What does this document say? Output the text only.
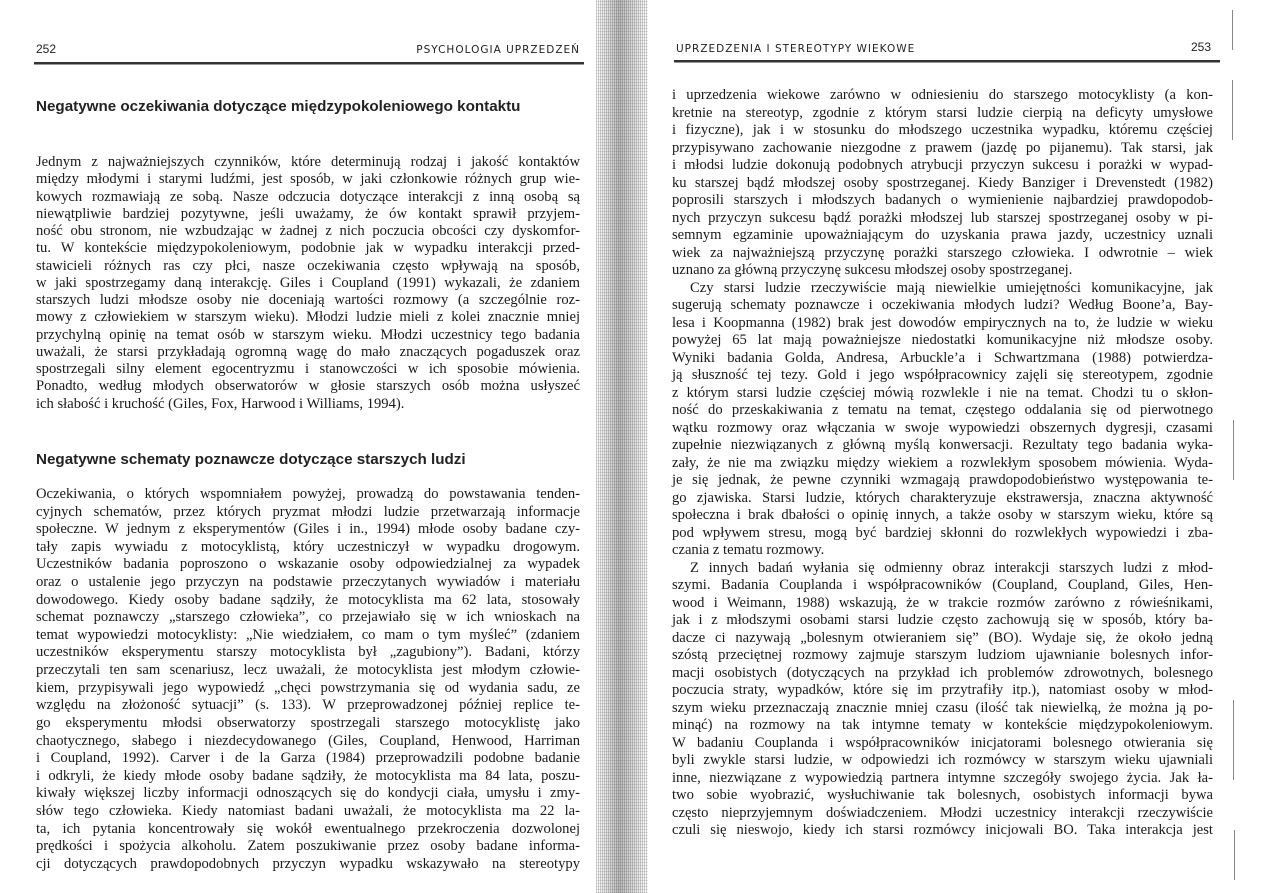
252	PSYCHOLOGIA UPRZEDZEŃ
Negatywne oczekiwania dotyczące międzypokoleniowego kontaktu
Jednym z najważniejszych czynników, które determinują rodzaj i jakość kontaktów
między młodymi i starymi ludźmi, jest sposób, w jaki członkowie różnych grup wie-
kowych rozmawiają ze sobą. Nasze odczucia dotyczące interakcji z inną osobą są
niewątpliwie bardziej pozytywne, jeśli uważamy, że ów kontakt sprawił przyjem-
ność obu stronom, nie wzbudzając w żadnej z nich poczucia obcości czy dyskomfor-
tu. W kontekście międzypokoleniowym, podobnie jak w wypadku interakcji przed-
stawicieli różnych ras czy płci, nasze oczekiwania często wpływają na sposób,
w jaki spostrzegamy daną interakcję. Giles i Coupland (1991) wykazali, że zdaniem
starszych ludzi młodsze osoby nie doceniają wartości rozmowy (a szczególnie roz-
mowy z człowiekiem w starszym wieku). Młodzi ludzie mieli z kolei znacznie mniej
przychylną opinię na temat osób w starszym wieku. Młodzi uczestnicy tego badania
uważali, że starsi przykładają ogromną wagę do mało znaczących pogaduszek oraz
spostrzegali silny element egocentryzmu i stanowczości w ich sposobie mówienia.
Ponadto, według młodych obserwatorów w głosie starszych osób można usłyszeć
ich słabość i kruchość (Giles, Fox, Harwood i Williams, 1994).
Negatywne schematy poznawcze dotyczące starszych ludzi
Oczekiwania, o których wspomniałem powyżej, prowadzą do powstawania tenden-
cyjnych schematów, przez których pryzmat młodzi ludzie przetwarzają informacje
społeczne. W jednym z eksperymentów (Giles i in., 1994) młode osoby badane czy-
tały zapis wywiadu z motocyklistą, który uczestniczył w wypadku drogowym.
Uczestników badania poproszono o wskazanie osoby odpowiedzialnej za wypadek
oraz o ustalenie jego przyczyn na podstawie przeczytanych wywiadów i materiału
dowodowego. Kiedy osoby badane sądziły, że motocyklista ma 62 lata, stosowały
schemat poznawczy „starszego człowieka”, co przejawiało się w ich wnioskach na
temat wypowiedzi motocyklisty: „Nie wiedziałem, co mam o tym myśleć” (zdaniem
uczestników eksperymentu starszy motocyklista był „zagubiony”). Badani, którzy
przeczytali ten sam scenariusz, lecz uważali, że motocyklista jest młodym człowie-
kiem, przypisywali jego wypowiedź „chęci powstrzymania się od wydania sadu, ze
względu na złożoność sytuacji” (s. 133). W przeprowadzonej później replice te-
go eksperymentu młodsi obserwatorzy spostrzegali starszego motocyklistę jako
chaotycznego, słabego i niezdecydowanego (Giles, Coupland, Henwood, Harriman
i Coupland, 1992). Carver i de la Garza (1984) przeprowadzili podobne badanie
i odkryli, że kiedy młode osoby badane sądziły, że motocyklista ma 84 lata, poszu-
kiwały większej liczby informacji odnoszących się do kondycji ciała, umysłu i zmy-
słów tego człowieka. Kiedy natomiast badani uważali, że motocyklista ma 22 la-
ta, ich pytania koncentrowały się wokół ewentualnego przekroczenia dozwolonej
prędkości i spożycia alkoholu. Zatem poszukiwanie przez osoby badane informa-
cji dotyczących prawdopodobnych przyczyn wypadku wskazywało na stereotypy
UPRZEDZENIA I STEREOTYPY WIEKOWE	253
i uprzedzenia wiekowe zarówno w odniesieniu do starszego motocyklisty (a kon-
kretnie na stereotyp, zgodnie z którym starsi ludzie cierpią na deficyty umysłowe
i fizyczne), jak i w stosunku do młodszego uczestnika wypadku, któremu częściej
przypisywano zachowanie niezgodne z prawem (jazdę po pijanemu). Tak starsi, jak
i młodsi ludzie dokonują podobnych atrybucji przyczyn sukcesu i porażki w wypad-
ku starszej bądź młodszej osoby spostrzeganej. Kiedy Banziger i Drevenstedt (1982)
poprosili starszych i młodszych badanych o wymienienie najbardziej prawdopodob-
nych przyczyn sukcesu bądź porażki młodszej lub starszej spostrzeganej osoby w pi-
semnym egzaminie upoważniającym do uzyskania prawa jazdy, uczestnicy uznali
wiek za najważniejszą przyczynę porażki starszego człowieka. I odwrotnie – wiek
uznano za główną przyczynę sukcesu młodszej osoby spostrzeganej.
Czy starsi ludzie rzeczywiście mają niewielkie umiejętności komunikacyjne, jak
sugerują schematy poznawcze i oczekiwania młodych ludzi? Według Boone’a, Bay-
lesa i Koopmanna (1982) brak jest dowodów empirycznych na to, że ludzie w wieku
powyżej 65 lat mają poważniejsze niedostatki komunikacyjne niż młodsze osoby.
Wyniki badania Golda, Andresa, Arbuckle’a i Schwartzmana (1988) potwierdza-
ją słuszność tej tezy. Gold i jego współpracownicy zajęli się stereotypem, zgodnie
z którym starsi ludzie częściej mówią rozwlekle i nie na temat. Chodzi tu o skłon-
ność do przeskakiwania z tematu na temat, częstego oddalania się od pierwotnego
wątku rozmowy oraz włączania w swoje wypowiedzi obszernych dygresji, czasami
zupełnie niezwiązanych z główną myślą konwersacji. Rezultaty tego badania wyka-
zały, że nie ma związku między wiekiem a rozwlekłym sposobem mówienia. Wyda-
je się jednak, że pewne czynniki wzmagają prawdopodobieństwo występowania te-
go zjawiska. Starsi ludzie, których charakteryzuje ekstrawersja, znaczna aktywność
społeczna i brak dbałości o opinię innych, a także osoby w starszym wieku, które są
pod wpływem stresu, mogą być bardziej skłonni do rozwlekłych wypowiedzi i zba-
czania z tematu rozmowy.
Z innych badań wyłania się odmienny obraz interakcji starszych ludzi z młod-
szymi. Badania Couplanda i współpracowników (Coupland, Coupland, Giles, Hen-
wood i Weimann, 1988) wskazują, że w trakcie rozmów zarówno z rówieśnikami,
jak i z młodszymi osobami starsi ludzie często zachowują się w sposób, który ba-
dacze ci nazywają „bolesnym otwieraniem się” (BO). Wydaje się, że około jedną
szóstą przeciętnej rozmowy zajmuje starszym ludziom ujawnianie bolesnych infor-
macji osobistych (dotyczących na przykład ich problemów zdrowotnych, bolesnego
poczucia straty, wypadków, które się im przytrafiły itp.), natomiast osoby w młod-
szym wieku przeznaczają znacznie mniej czasu (ilość tak niewielką, że można ją po-
minąć) na rozmowy na tak intymne tematy w kontekście międzypokoleniowym.
W badaniu Couplanda i współpracowników inicjatorami bolesnego otwierania się
byli zwykle starsi ludzie, w odpowiedzi ich rozmówcy w starszym wieku ujawniali
inne, niezwiązane z wypowiedzią partnera intymne szczegóły swojego życia. Jak ła-
two sobie wyobrazić, wysłuchiwanie tak bolesnych, osobistych informacji bywa
często nieprzyjemnym doświadczeniem. Młodzi uczestnicy interakcji rzeczywiście
czuli się nieswojo, kiedy ich starsi rozmówcy inicjowali BO. Taka interakcja jest
